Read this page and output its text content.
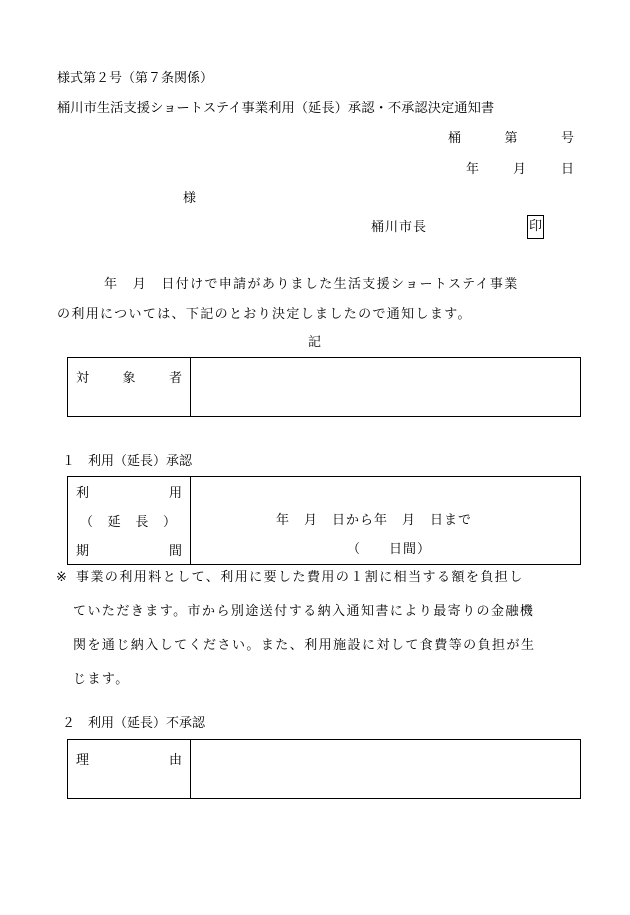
様式第２号（第７条関係）
桶川市生活支援ショートステイ事業利用（延長）承認・不承認決定通知書
桶	第	号
年	月	日
様
桶川市長	印
年　月　日付けで申請がありました生活支援ショートステイ事業
の利用については、下記のとおり決定しましたので通知します。
記
対	象	者

１　利用（延長）承認
利	用
（ 延 長 ）
期	間

年　月　日から年　月　日まで
（　　日間）
※ 事業の利用料として、利用に要した費用の１割に相当する額を負担し
ていただきます。市から別途送付する納入通知書により最寄りの金融機
関を通じ納入してください。また、利用施設に対して食費等の負担が生
じます。
２　利用（延長）不承認
理	由
